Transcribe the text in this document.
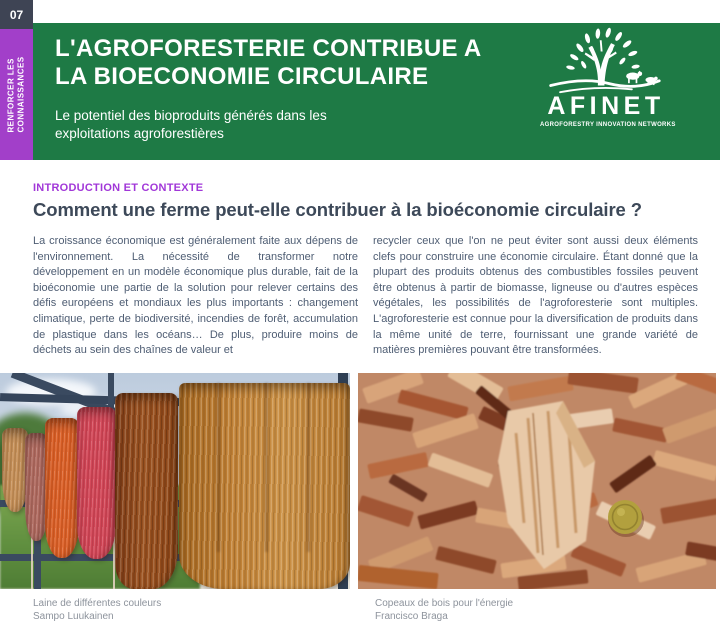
07
RENFORCER LES CONNAISSANCES
L'AGROFORESTERIE CONTRIBUE A
LA BIOECONOMIE CIRCULAIRE

Le potentiel des bioproduits générés dans les exploitations agroforestières

AFINET
AGROFORESTRY INNOVATION NETWORKS
INTRODUCTION ET CONTEXTE
Comment une ferme peut-elle contribuer à la bioéconomie circulaire ?

La croissance économique est généralement faite aux dépens de l'environnement. La nécessité de transformer notre développement en un modèle économique plus durable, fait de la bioéconomie une partie de la solution pour relever certains des défis européens et mondiaux les plus importants : changement climatique, perte de biodiversité, incendies de forêt, accumulation de plastique dans les océans… De plus, produire moins de déchets au sein des chaînes de valeur et

recycler ceux que l'on ne peut éviter sont aussi deux éléments clefs pour construire une économie circulaire. Étant donné que la plupart des produits obtenus des combustibles fossiles peuvent être obtenus à partir de biomasse, ligneuse ou d'autres espèces végétales, les possibilités de l'agroforesterie sont multiples. L'agroforesterie est connue pour la diversification de produits dans la même unité de terre, fournissant une grande variété de matières premières pouvant être transformées.

Laine de différentes couleurs
Sampo Luukainen
Copeaux de bois pour l'énergie
Francisco Braga
